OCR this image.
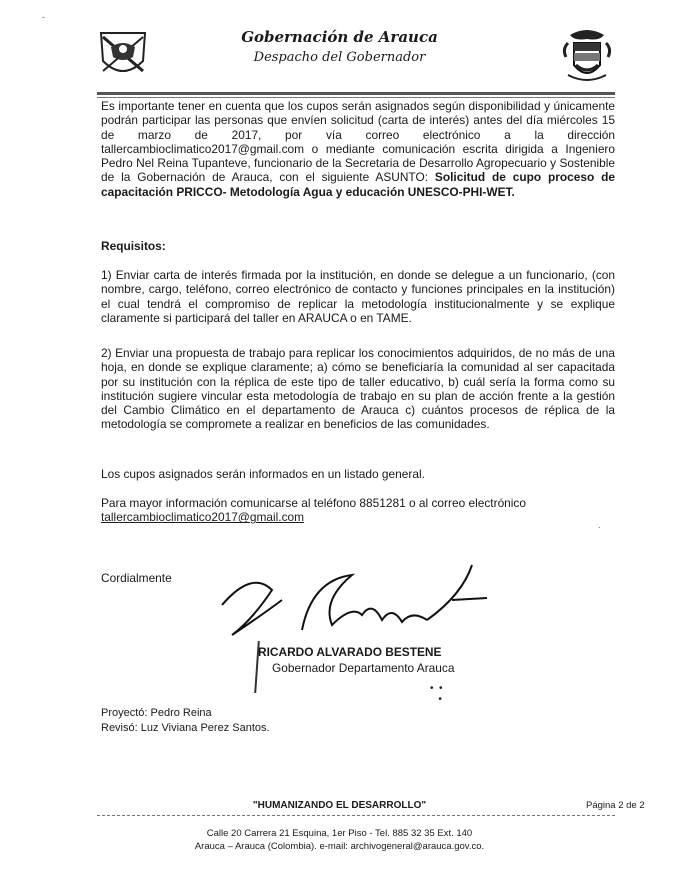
Gobernación de Arauca
Despacho del Gobernador
Es importante tener en cuenta que los cupos serán asignados según disponibilidad y únicamente podrán participar las personas que envíen solicitud (carta de interés) antes del día miércoles 15 de marzo de 2017, por vía correo electrónico a la dirección tallercambioclimatico2017@gmail.com o mediante comunicación escrita dirigida a Ingeniero Pedro Nel Reina Tupanteve, funcionario de la Secretaria de Desarrollo Agropecuario y Sostenible de la Gobernación de Arauca, con el siguiente ASUNTO: Solicitud de cupo proceso de capacitación PRICCO- Metodología Agua y educación UNESCO-PHI-WET.
Requisitos:
1) Enviar carta de interés firmada por la institución, en donde se delegue a un funcionario, (con nombre, cargo, teléfono, correo electrónico de contacto y funciones principales en la institución) el cual tendrá el compromiso de replicar la metodología institucionalmente y se explique claramente si participará del taller en ARAUCA o en TAME.
2) Enviar una propuesta de trabajo para replicar los conocimientos adquiridos, de no más de una hoja, en donde se explique claramente; a) cómo se beneficiaría la comunidad al ser capacitada por su institución con la réplica de este tipo de taller educativo, b) cuál sería la forma como su institución sugiere vincular esta metodología de trabajo en su plan de acción frente a la gestión del Cambio Climático en el departamento de Arauca c) cuántos procesos de réplica de la metodología se compromete a realizar en beneficios de las comunidades.
Los cupos asignados serán informados en un listado general.
Para mayor información comunicarse al teléfono 8851281 o al correo electrónico
tallercambioclimatico2017@gmail.com
Cordialmente
RICARDO ALVARADO BESTENE
Gobernador Departamento Arauca
•  •
•
Proyectó: Pedro Reina
Revisó: Luz Viviana Perez Santos.
"HUMANIZANDO EL DESARROLLO"	Página 2 de 2
Calle 20 Carrera 21 Esquina, 1er Piso - Tel. 885 32 35 Ext. 140
Arauca – Arauca (Colombia). e-mail: archivogeneral@arauca.gov.co.
-
.
